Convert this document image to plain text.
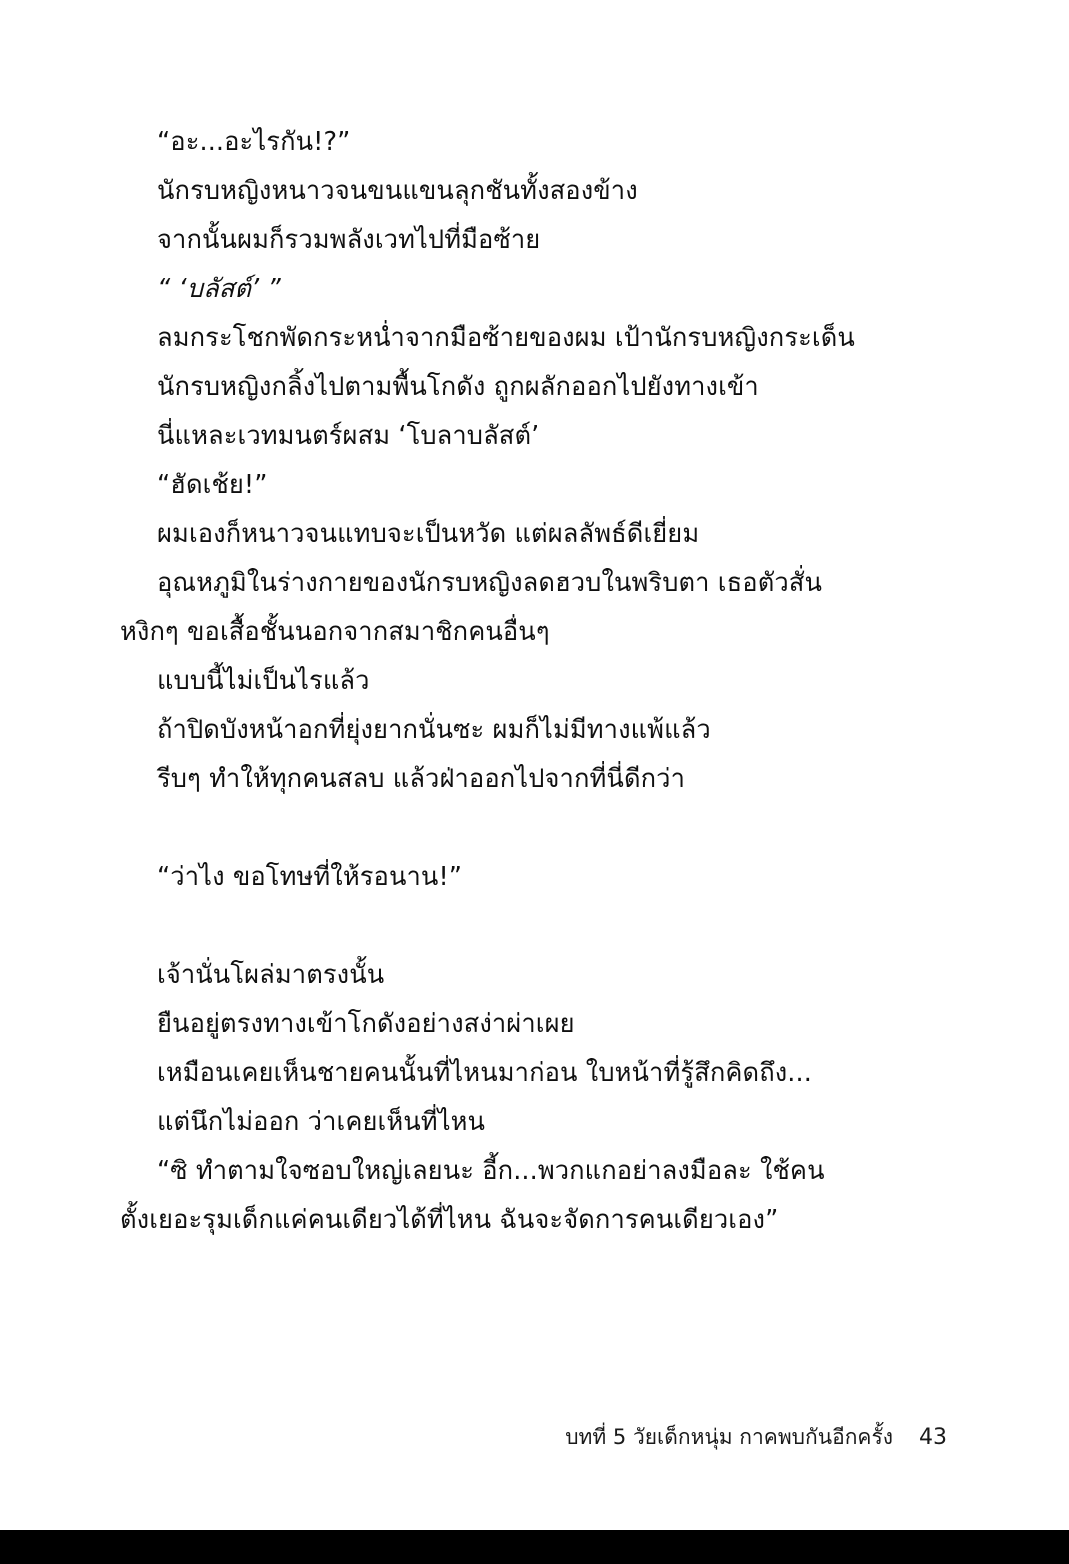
“อะ...อะไรกัน!?”
นักรบหญิงหนาวจนขนแขนลุกชันทั้งสองข้าง
จากนั้นผมก็รวมพลังเวทไปที่มือซ้าย
“ ‘บลัสต์’ ”
ลมกระโชกพัดกระหน่ำจากมือซ้ายของผม เป้านักรบหญิงกระเด็น
นักรบหญิงกลิ้งไปตามพื้นโกดัง ถูกผลักออกไปยังทางเข้า
นี่แหละเวทมนตร์ผสม ‘โบลาบลัสต์’
“ฮัดเช้ย!”
ผมเองก็หนาวจนแทบจะเป็นหวัด แต่ผลลัพธ์ดีเยี่ยม
อุณหภูมิในร่างกายของนักรบหญิงลดฮวบในพริบตา เธอตัวสั่น
หงิกๆ ขอเสื้อชั้นนอกจากสมาชิกคนอื่นๆ
แบบนี้ไม่เป็นไรแล้ว
ถ้าปิดบังหน้าอกที่ยุ่งยากนั่นซะ ผมก็ไม่มีทางแพ้แล้ว
รีบๆ ทำให้ทุกคนสลบ แล้วฝ่าออกไปจากที่นี่ดีกว่า
“ว่าไง ขอโทษที่ให้รอนาน!”
เจ้านั่นโผล่มาตรงนั้น
ยืนอยู่ตรงทางเข้าโกดังอย่างสง่าผ่าเผย
เหมือนเคยเห็นชายคนนั้นที่ไหนมาก่อน ใบหน้าที่รู้สึกคิดถึง...
แต่นึกไม่ออก ว่าเคยเห็นที่ไหน
“ซิ ทำตามใจซอบใหญ่เลยนะ อี้ก...พวกแกอย่าลงมือละ ใช้คน
ตั้งเยอะรุมเด็กแค่คนเดียวได้ที่ไหน ฉันจะจัดการคนเดียวเอง”

บทที่ 5 วัยเด็กหนุ่ม กาคพบกันอีกครั้ง 43
